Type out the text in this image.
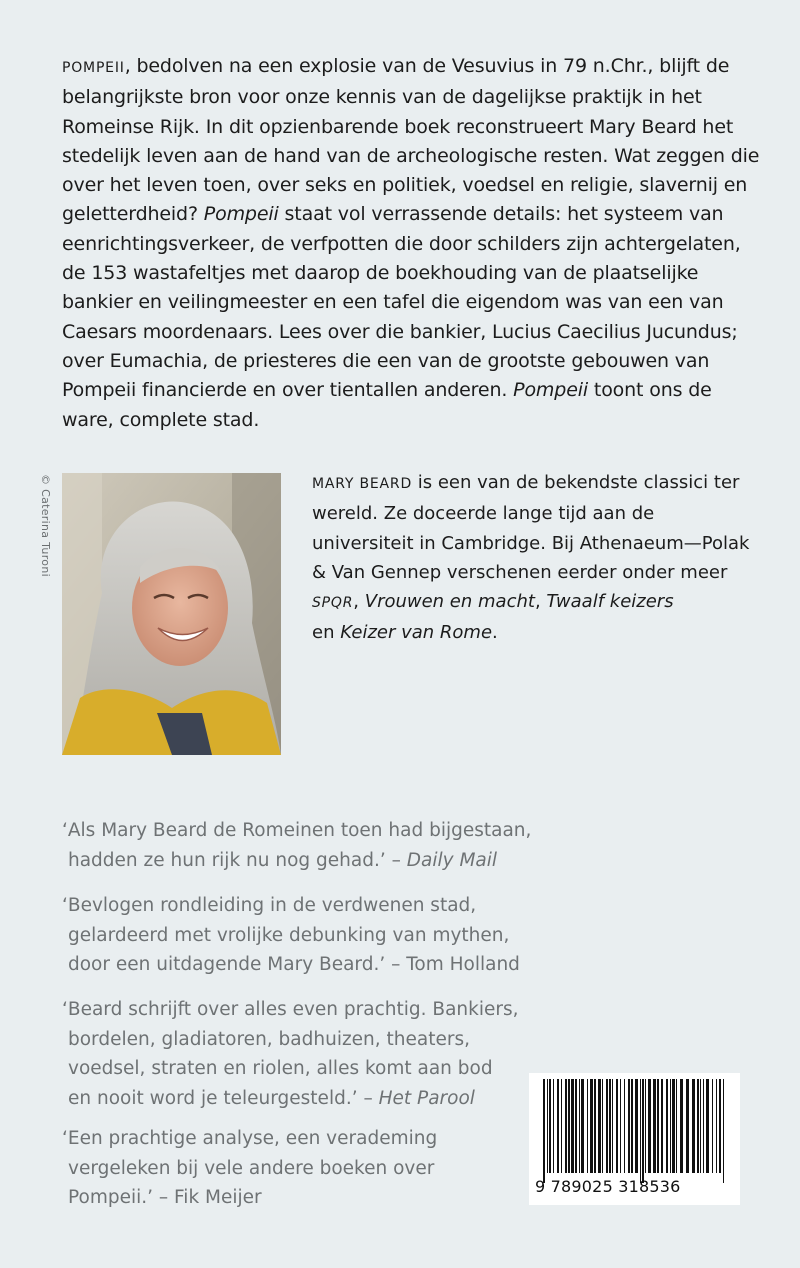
POMPEII, bedolven na een explosie van de Vesuvius in 79 n.Chr., blijft de belangrijkste bron voor onze kennis van de dagelijkse praktijk in het Romeinse Rijk. In dit opzienbarende boek reconstrueert Mary Beard het stedelijk leven aan de hand van de archeologische resten. Wat zeggen die over het leven toen, over seks en politiek, voedsel en religie, slavernij en geletterdheid? Pompeii staat vol verrassende details: het systeem van eenrichtingsverkeer, de verfpotten die door schilders zijn achtergelaten, de 153 wastafeltjes met daarop de boekhouding van de plaatselijke bankier en veilingmeester en een tafel die eigendom was van een van Caesars moordenaars. Lees over die bankier, Lucius Caecilius Jucundus; over Eumachia, de priesteres die een van de grootste gebouwen van Pompeii financierde en over tientallen anderen. Pompeii toont ons de ware, complete stad.

© Caterina Turoni	MARY BEARD is een van de bekendste classici ter wereld. Ze doceerde lange tijd aan de universiteit in Cambridge. Bij Athenaeum—Polak & Van Gennep verschenen eerder onder meer SPQR, Vrouwen en macht, Twaalf keizers
en Keizer van Rome.

‘Als Mary Beard de Romeinen toen had bijgestaan,
hadden ze hun rijk nu nog gehad.’ – Daily Mail
‘Bevlogen rondleiding in de verdwenen stad,
gelardeerd met vrolijke debunking van mythen,
door een uitdagende Mary Beard.’ – Tom Holland
‘Beard schrijft over alles even prachtig. Bankiers,
bordelen, gladiatoren, badhuizen, theaters,
voedsel, straten en riolen, alles komt aan bod
en nooit word je teleurgesteld.’ – Het Parool
‘Een prachtige analyse, een verademing
vergeleken bij vele andere boeken over
Pompeii.’ – Fik Meijer
9 789025 318536
